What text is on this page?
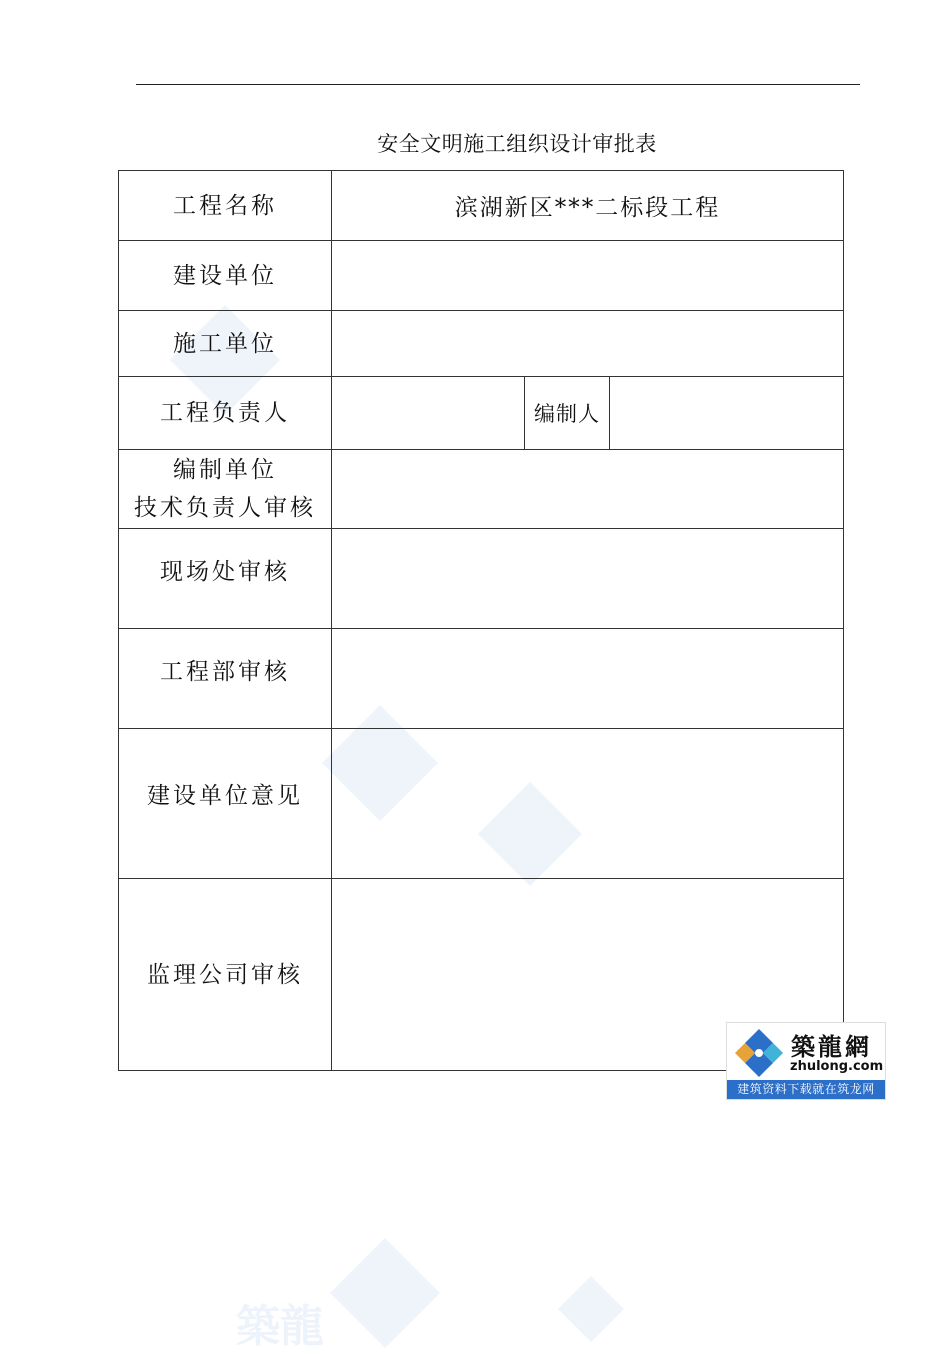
安全文明施工组织设计审批表
築龍
工程名称	滨湖新区***二标段工程		
建设单位			
施工单位			
工程负责人		编制人	

编制单位
技术负责人审核			

现场处审核			
工程部审核			
建设单位意见			
监理公司审核			
築龍網
zhulong.com
建筑资料下载就在筑龙网
